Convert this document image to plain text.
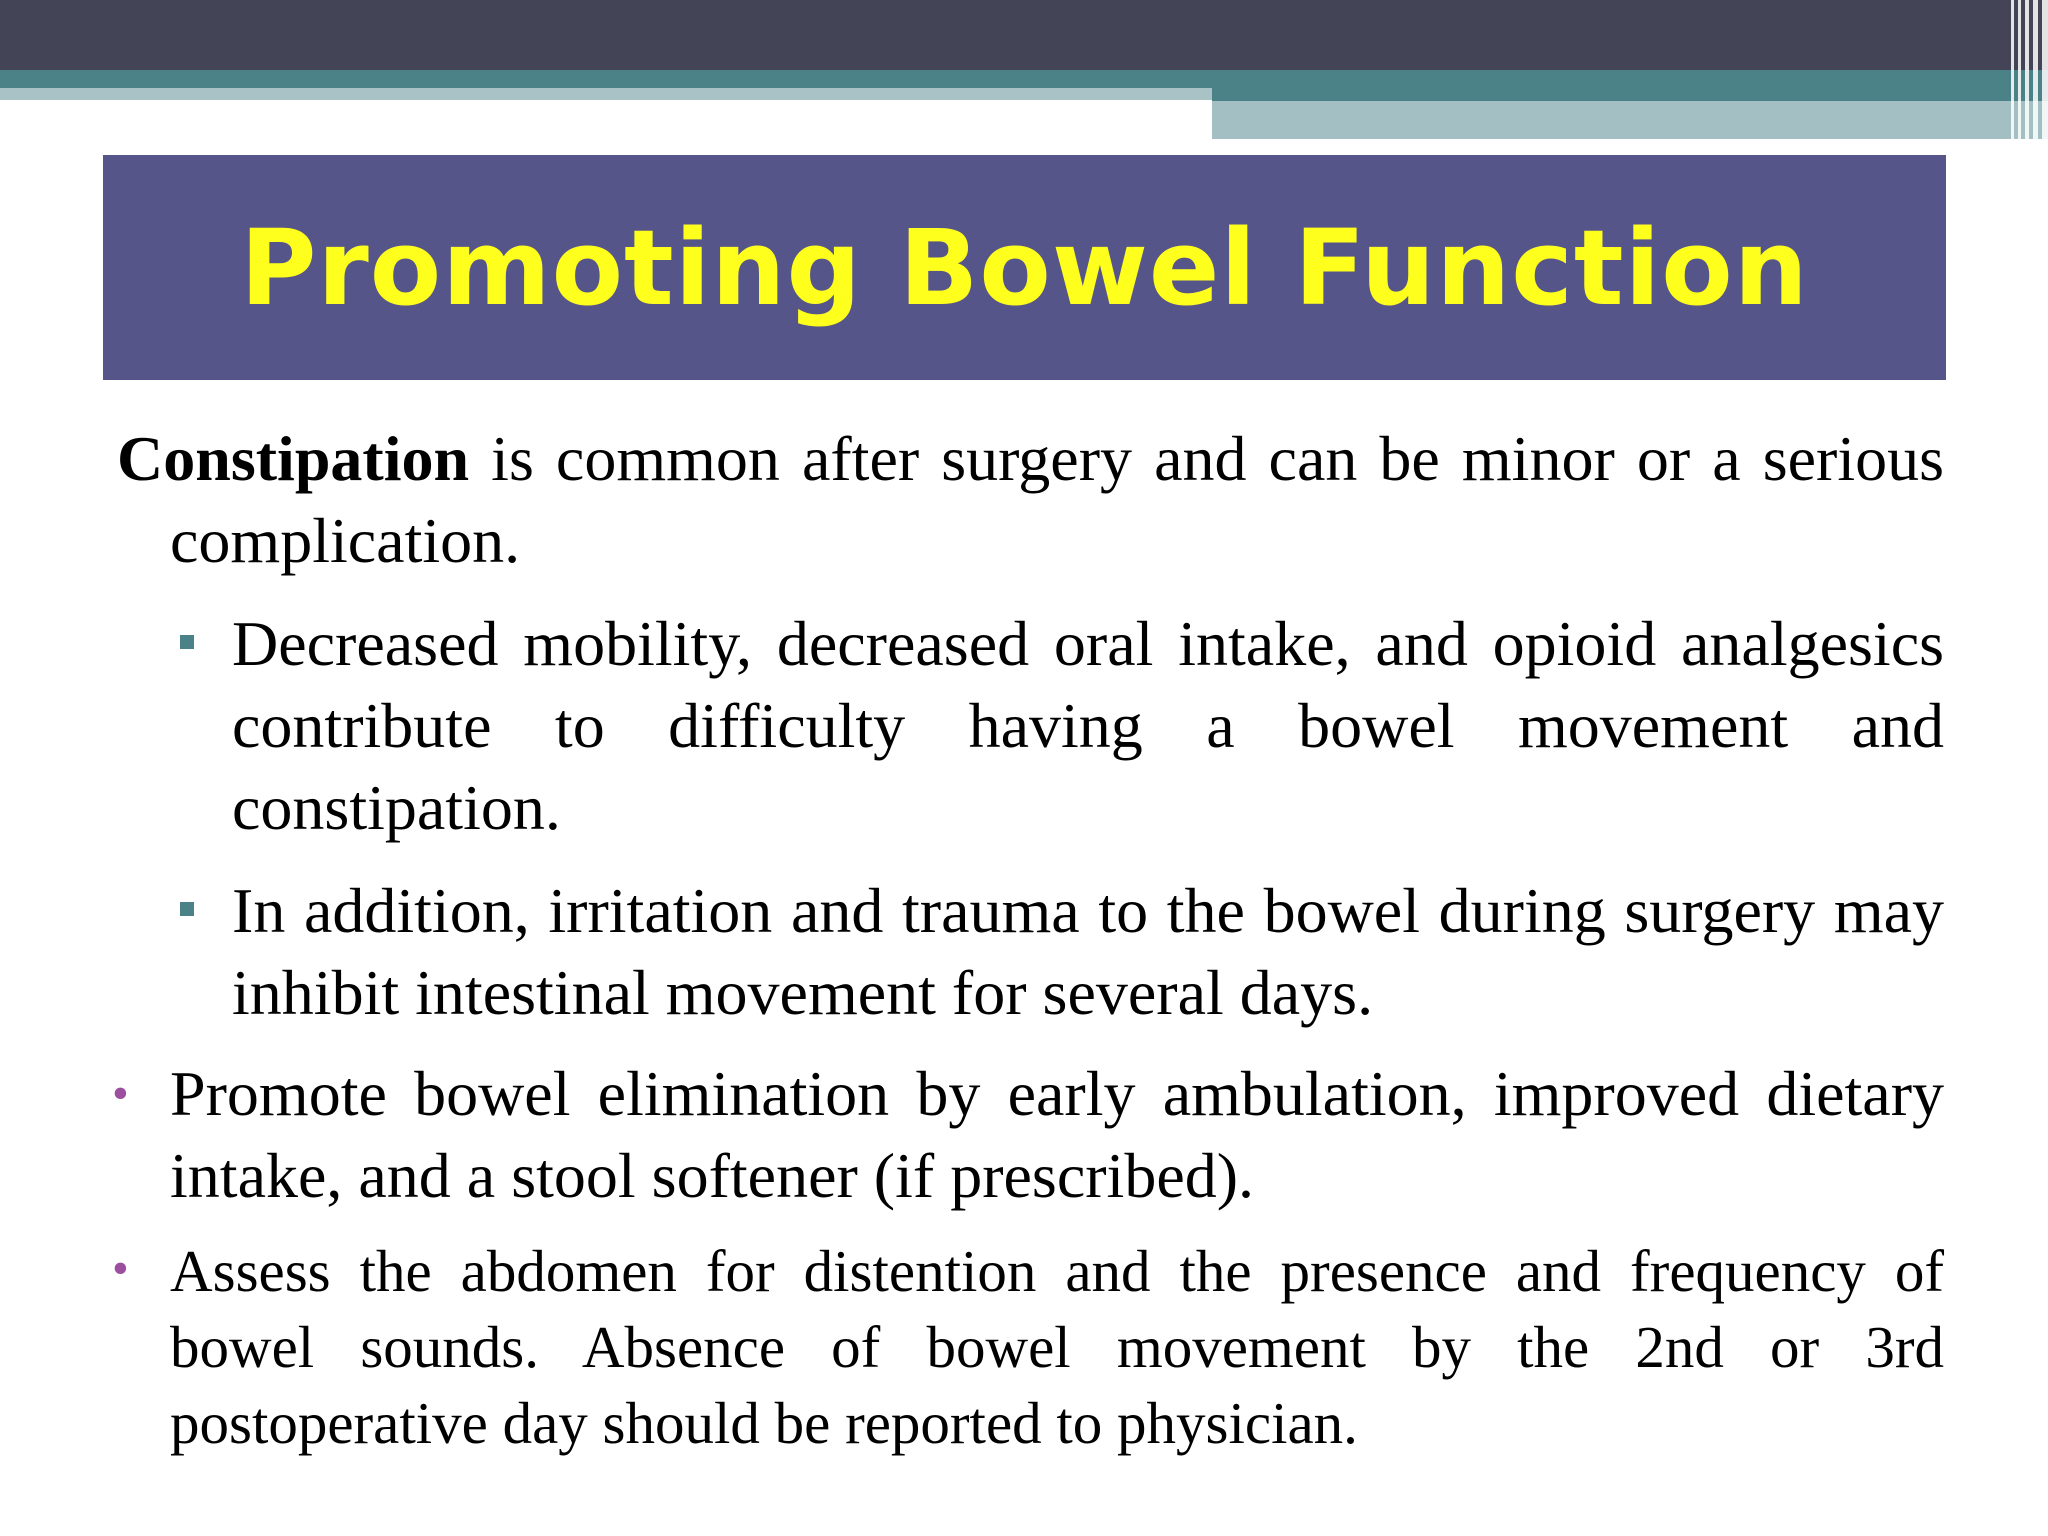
Promoting Bowel Function
Constipation is common after surgery and can be minor or a serious complication.
Decreased mobility, decreased oral intake, and opioid analgesics contribute to difficulty having a bowel movement and constipation.
In addition, irritation and trauma to the bowel during surgery may inhibit intestinal movement for several days.
• Promote bowel elimination by early ambulation, improved dietary intake, and a stool softener (if prescribed).
• Assess the abdomen for distention and the presence and frequency of bowel sounds. Absence of bowel movement by the 2nd or 3rd postoperative day should be reported to physician.
